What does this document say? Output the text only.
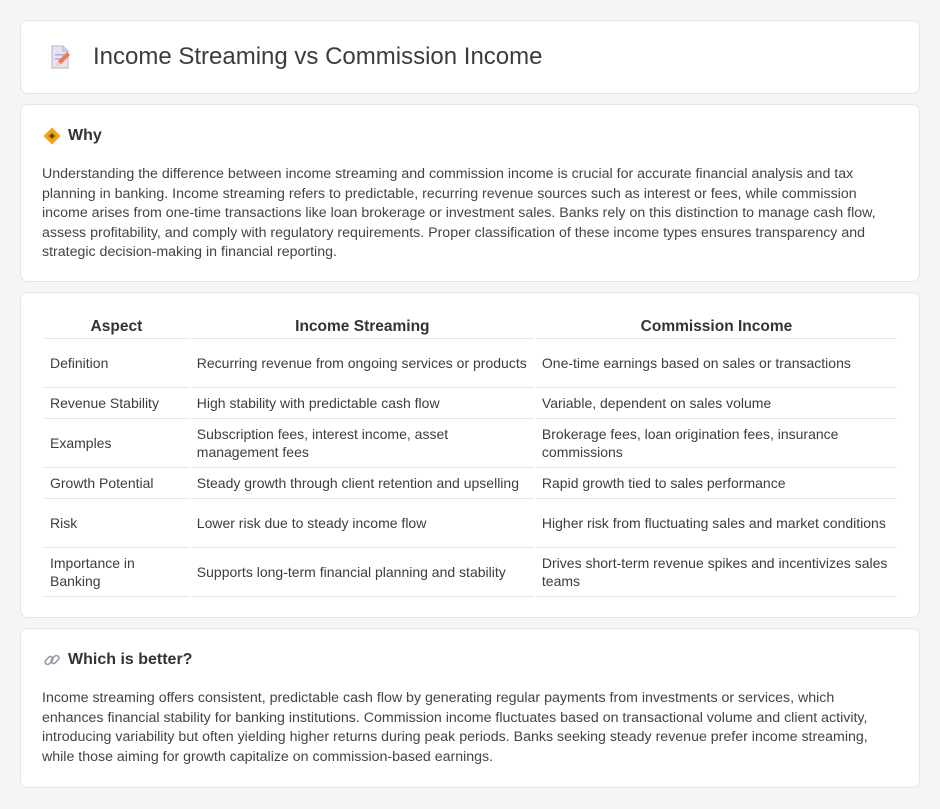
Income Streaming vs Commission Income
Why

Understanding the difference between income streaming and commission income is crucial for accurate financial analysis and tax planning in banking. Income streaming refers to predictable, recurring revenue sources such as interest or fees, while commission income arises from one-time transactions like loan brokerage or investment sales. Banks rely on this distinction to manage cash flow, assess profitability, and comply with regulatory requirements. Proper classification of these income types ensures transparency and strategic decision-making in financial reporting.

Aspect	Income Streaming	Commission Income
Definition	Recurring revenue from ongoing services or products	One-time earnings based on sales or transactions
Revenue Stability	High stability with predictable cash flow	Variable, dependent on sales volume
Examples	Subscription fees, interest income, asset management fees	Brokerage fees, loan origination fees, insurance commissions
Growth Potential	Steady growth through client retention and upselling	Rapid growth tied to sales performance
Risk	Lower risk due to steady income flow	Higher risk from fluctuating sales and market conditions
Importance in Banking	Supports long-term financial planning and stability	Drives short-term revenue spikes and incentivizes sales teams
Which is better?

Income streaming offers consistent, predictable cash flow by generating regular payments from investments or services, which enhances financial stability for banking institutions. Commission income fluctuates based on transactional volume and client activity, introducing variability but often yielding higher returns during peak periods. Banks seeking steady revenue prefer income streaming, while those aiming for growth capitalize on commission-based earnings.
